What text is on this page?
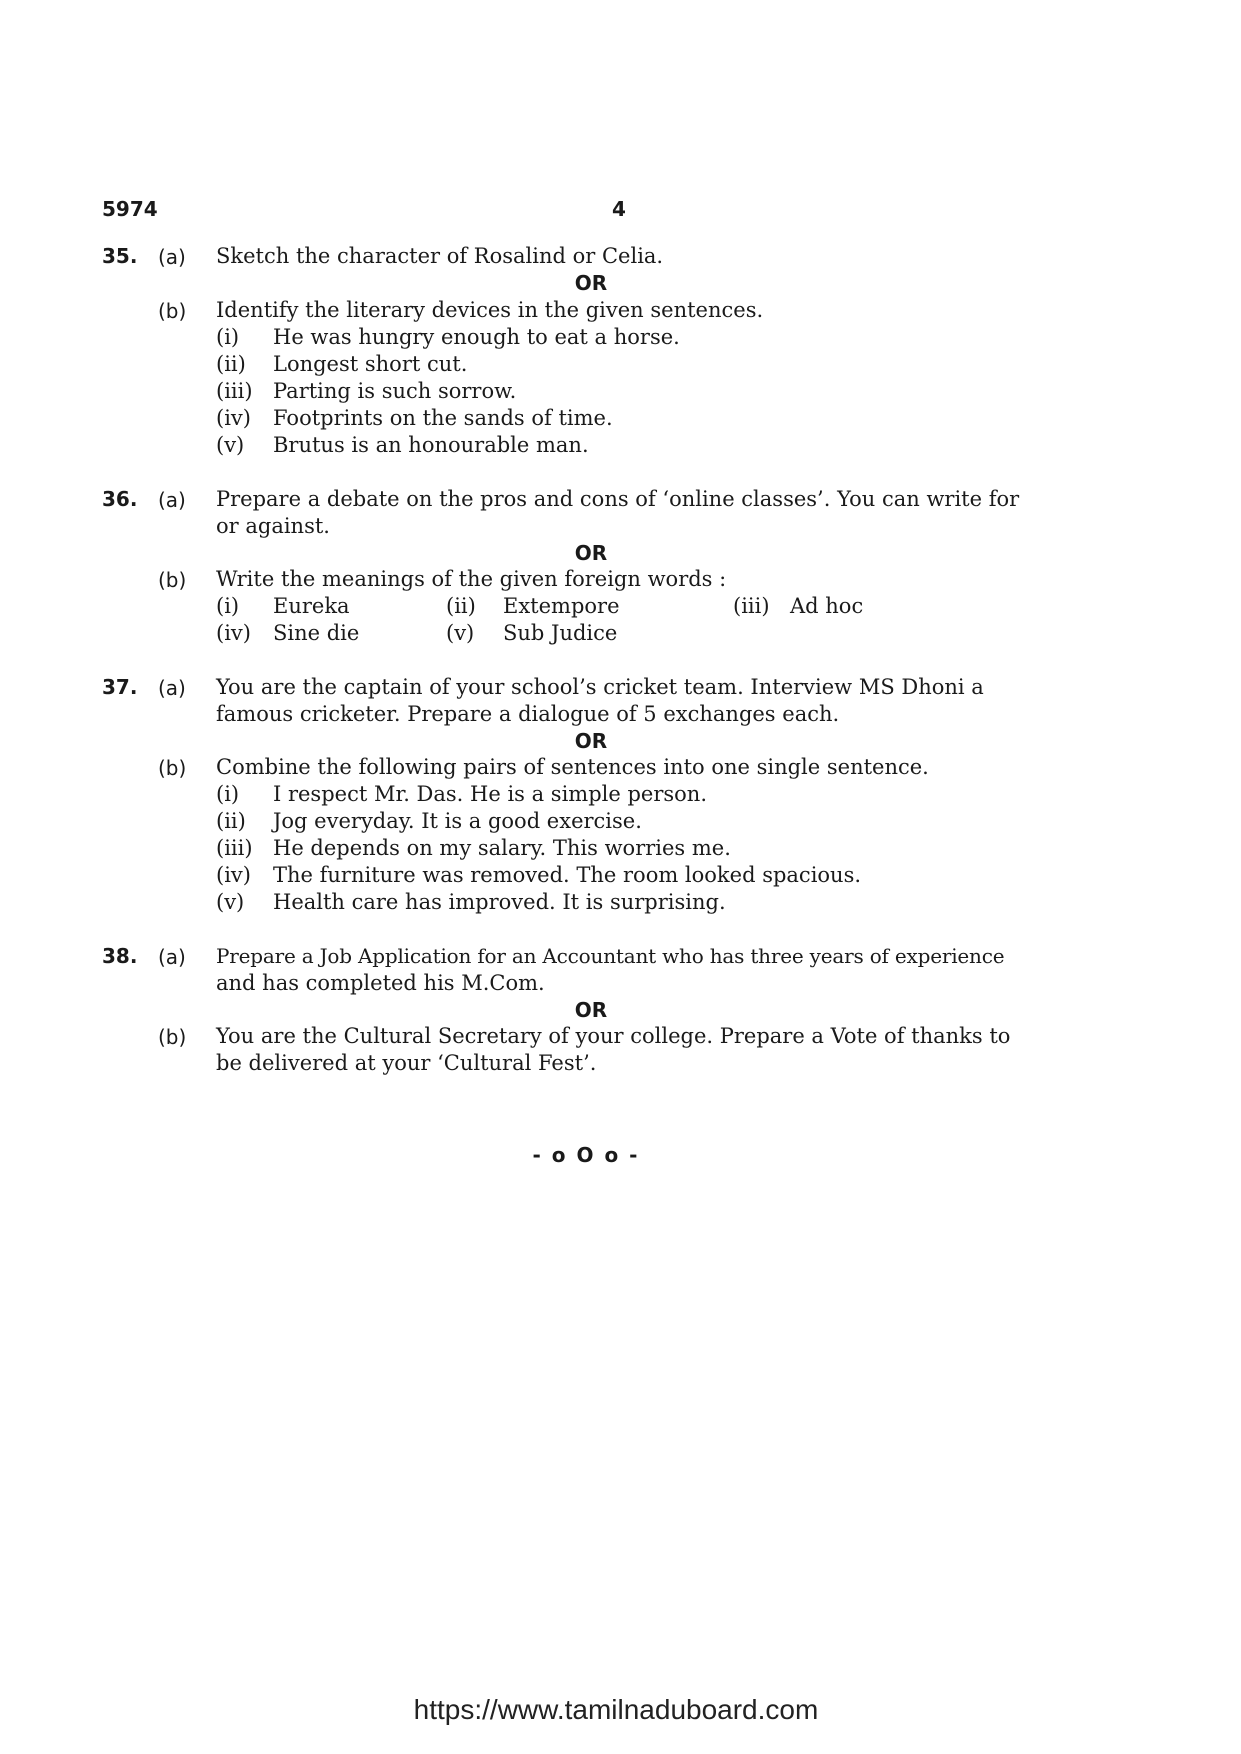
5974	4
35. (a) Sketch the character of Rosalind or Celia.
OR
(b) Identify the literary devices in the given sentences.
(i) He was hungry enough to eat a horse.
(ii) Longest short cut.
(iii) Parting is such sorrow.
(iv) Footprints on the sands of time.
(v) Brutus is an honourable man.
36. (a) Prepare a debate on the pros and cons of ‘online classes’. You can write for
or against.
OR
(b) Write the meanings of the given foreign words :
(i) Eureka	(ii) Extempore	(iii) Ad hoc
(iv) Sine die	(v) Sub Judice
37. (a) You are the captain of your school’s cricket team. Interview MS Dhoni a
famous cricketer. Prepare a dialogue of 5 exchanges each.
OR
(b) Combine the following pairs of sentences into one single sentence.
(i) I respect Mr. Das. He is a simple person.
(ii) Jog everyday. It is a good exercise.
(iii) He depends on my salary. This worries me.
(iv) The furniture was removed. The room looked spacious.
(v) Health care has improved. It is surprising.
38. (a) Prepare a Job Application for an Accountant who has three years of experience
and has completed his M.Com.
OR
(b) You are the Cultural Secretary of your college. Prepare a Vote of thanks to
be delivered at your ‘Cultural Fest’.
- o O o -
https://www.tamilnaduboard.com
